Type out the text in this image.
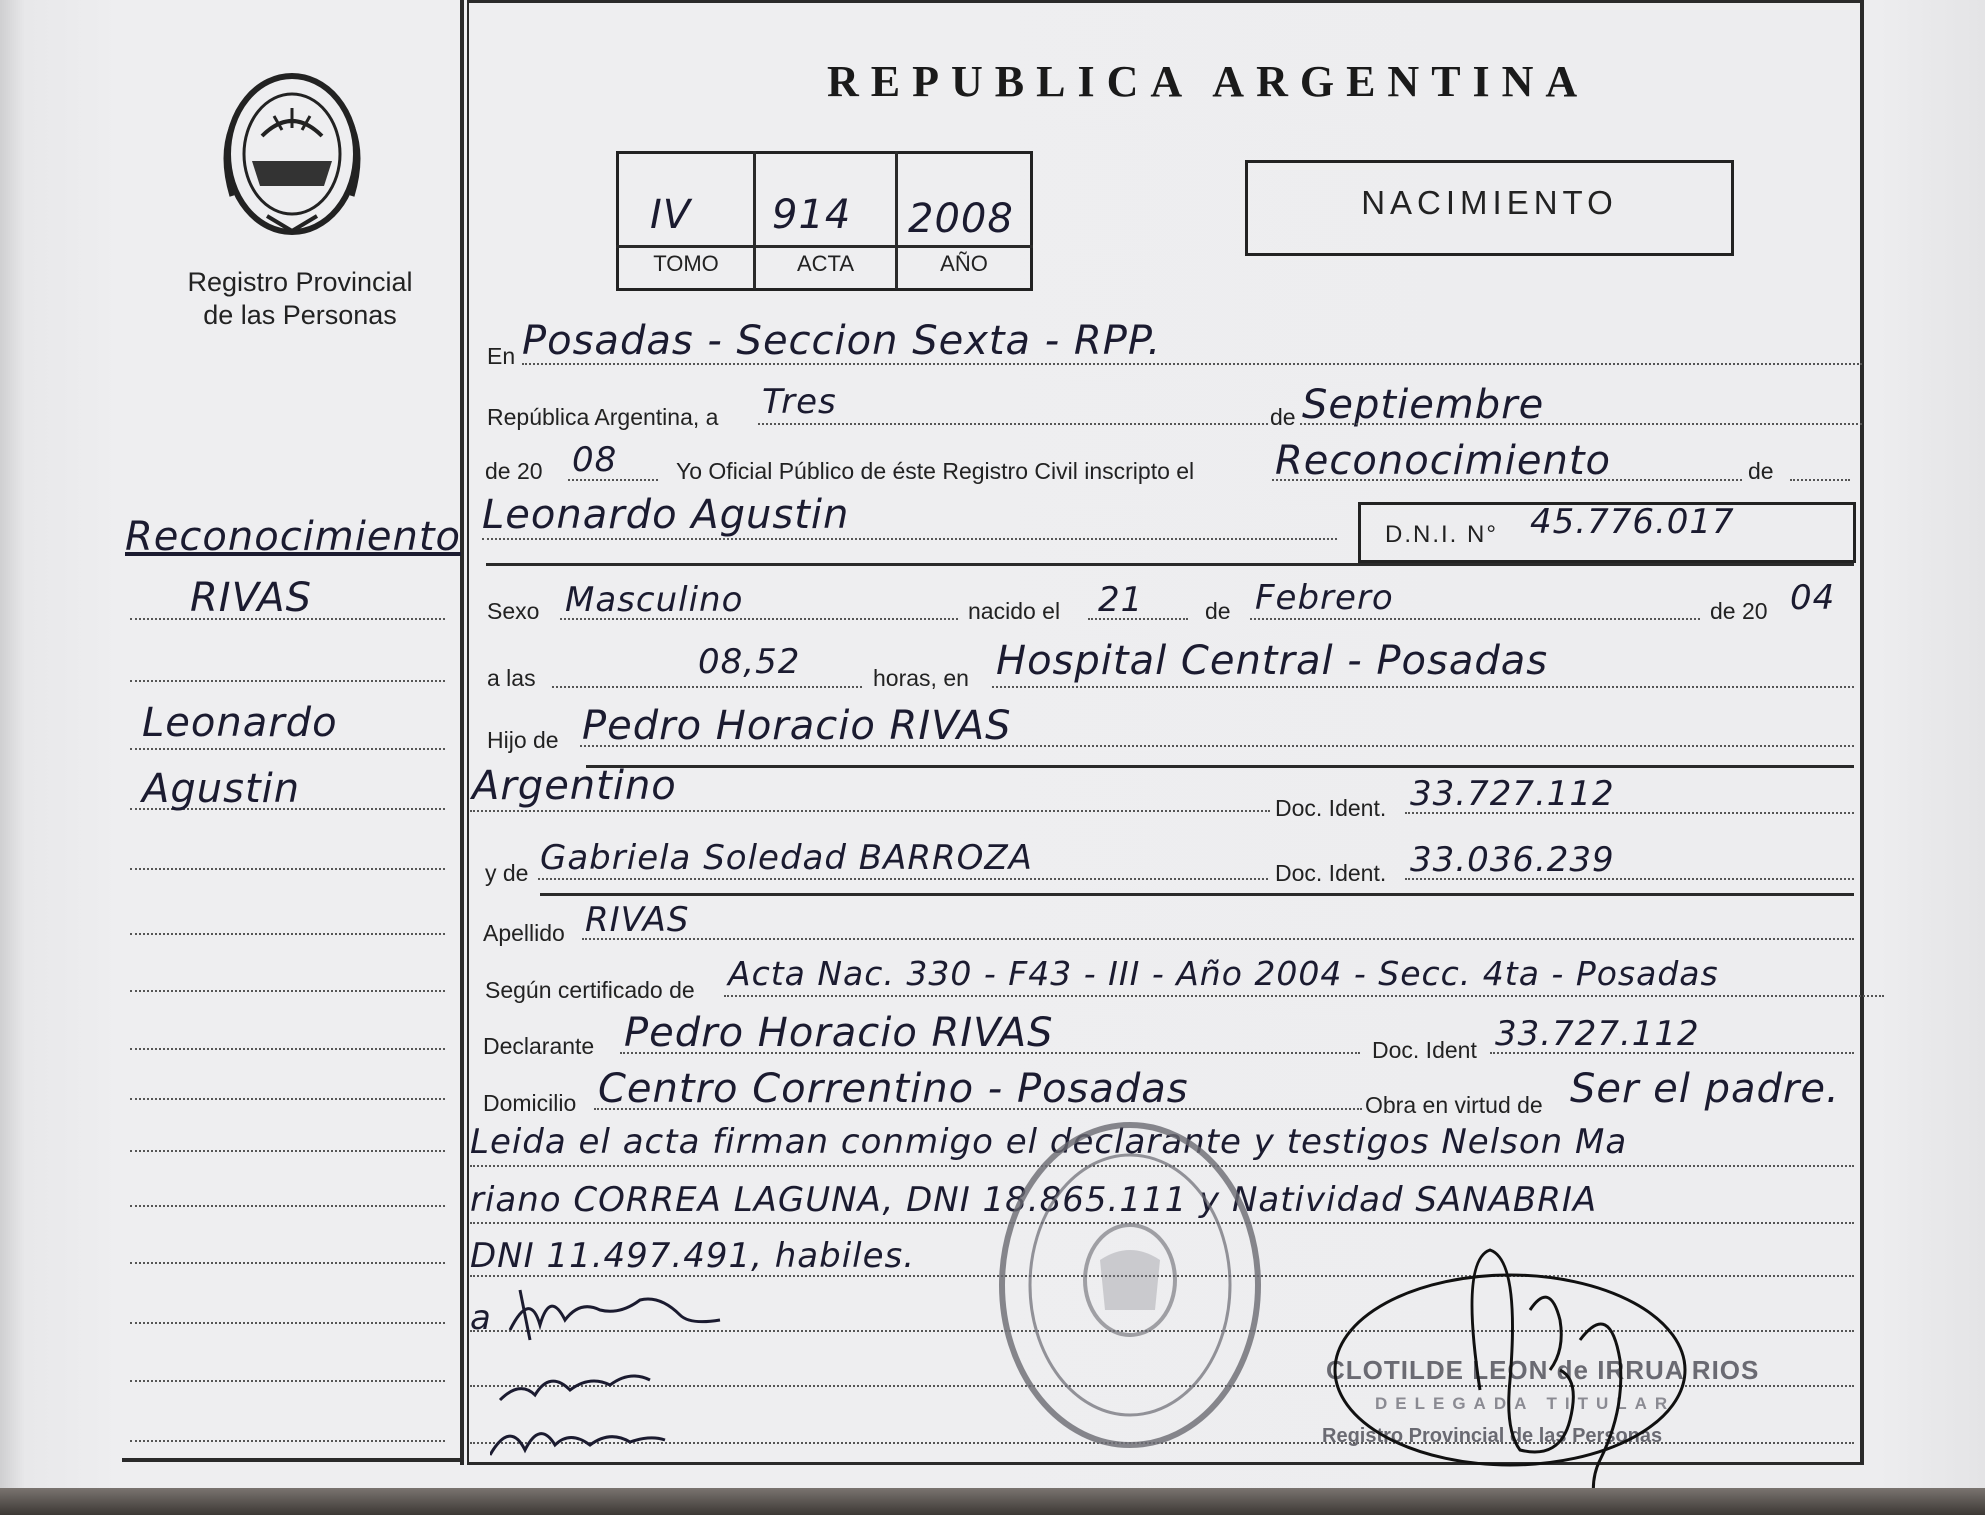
Registro Provincial
de las Personas
REPUBLICA ARGENTINA
IV 914 2008
TOMO	ACTA	AÑO
NACIMIENTO
Reconocimiento
RIVAS
Leonardo
Agustin
En Posadas - Seccion Sexta - RPP.
República Argentina, a Tres	de Septiembre
de 20 08	Yo Oficial Público de éste Registro Civil inscripto el Reconocimiento	de
Leonardo Agustin	D.N.I. N° 45.776.017
Sexo Masculino	nacido el 21	de Febrero	de 20 04
a las	08,52	horas, en Hospital Central - Posadas
Hijo de Pedro Horacio RIVAS
Argentino	Doc. Ident. 33.727.112
y de Gabriela Soledad BARROZA	Doc. Ident. 33.036.239
Apellido RIVAS
Según certificado de Acta Nac. 330 - F43 - III - Año 2004 - Secc. 4ta - Posadas
Declarante Pedro Horacio RIVAS	Doc. Ident 33.727.112
Domicilio Centro Correntino - Posadas	Obra en virtud de Ser el padre.
Leida el acta firman conmigo el declarante y testigos Nelson Ma
riano CORREA LAGUNA, DNI 18.865.111 y Natividad SANABRIA
DNI 11.497.491, habiles.
a
CLOTILDE LEON de IRRUA RIOS
DELEGADA TITULAR
Registro Provincial de las Personas
